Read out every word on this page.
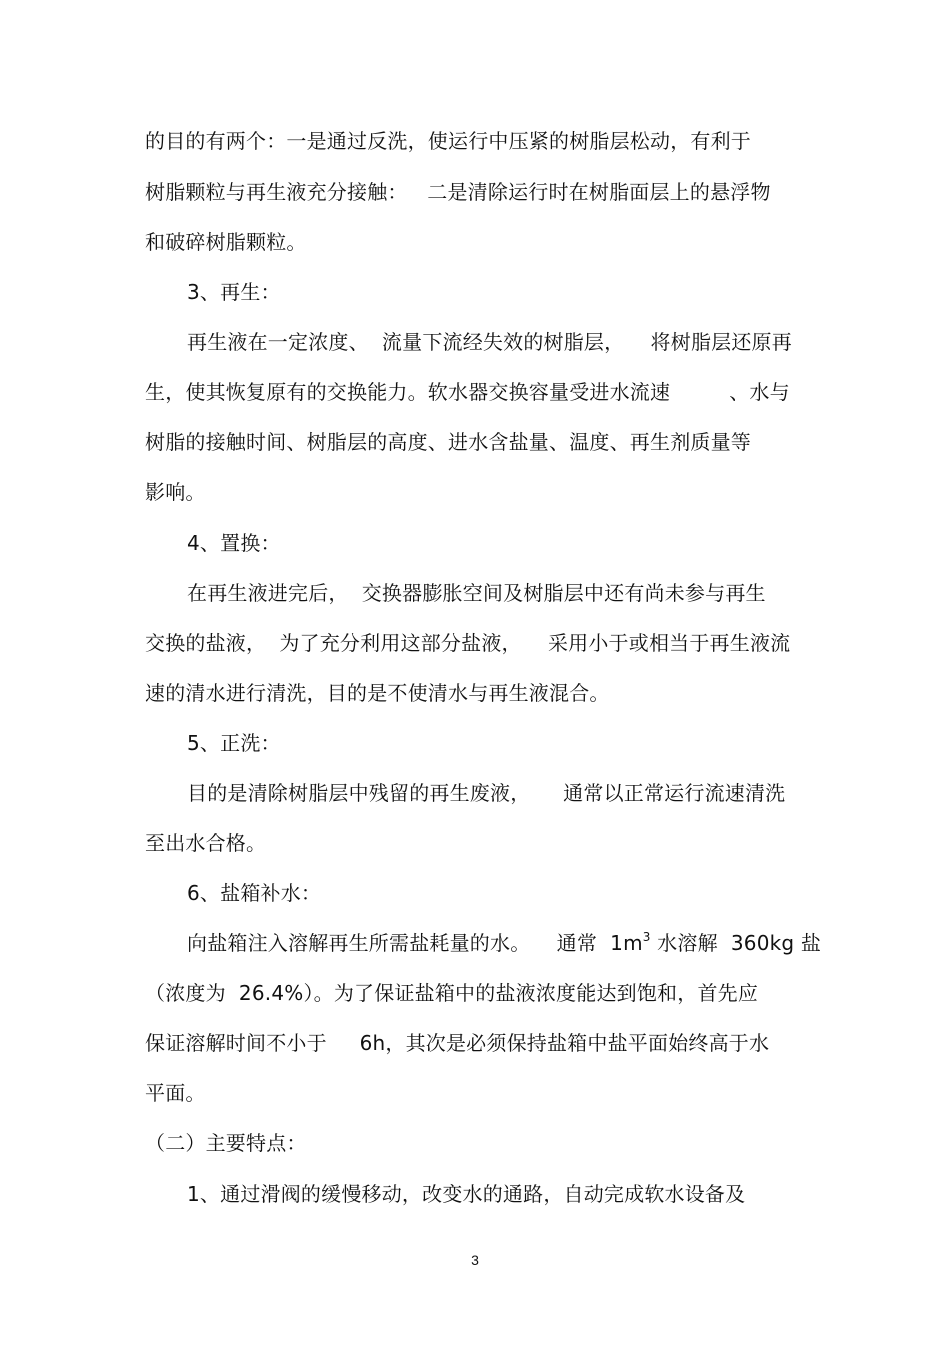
的目的有两个：一是通过反洗，使运行中压紧的树脂层松动，有利于
树脂颗粒与再生液充分接触：   二是清除运行时在树脂面层上的悬浮物
和破碎树脂颗粒。
3、再生：
再生液在一定浓度、  流量下流经失效的树脂层，    将树脂层还原再
生，使其恢复原有的交换能力。软水器交换容量受进水流速         、水与
树脂的接触时间、树脂层的高度、进水含盐量、温度、再生剂质量等
影响。
4、置换：
在再生液进完后，  交换器膨胀空间及树脂层中还有尚未参与再生
交换的盐液，  为了充分利用这部分盐液，    采用小于或相当于再生液流
速的清水进行清洗，目的是不使清水与再生液混合。
5、正洗：
目的是清除树脂层中残留的再生废液，     通常以正常运行流速清洗
至出水合格。
6、盐箱补水：
向盐箱注入溶解再生所需盐耗量的水。    通常  $1m^3$ 水溶解  360kg 盐
（浓度为  26.4%）。为了保证盐箱中的盐液浓度能达到饱和，首先应
保证溶解时间不小于     6h，其次是必须保持盐箱中盐平面始终高于水
平面。
（二）主要特点：
1、通过滑阀的缓慢移动，改变水的通路，自动完成软水设备及
3
